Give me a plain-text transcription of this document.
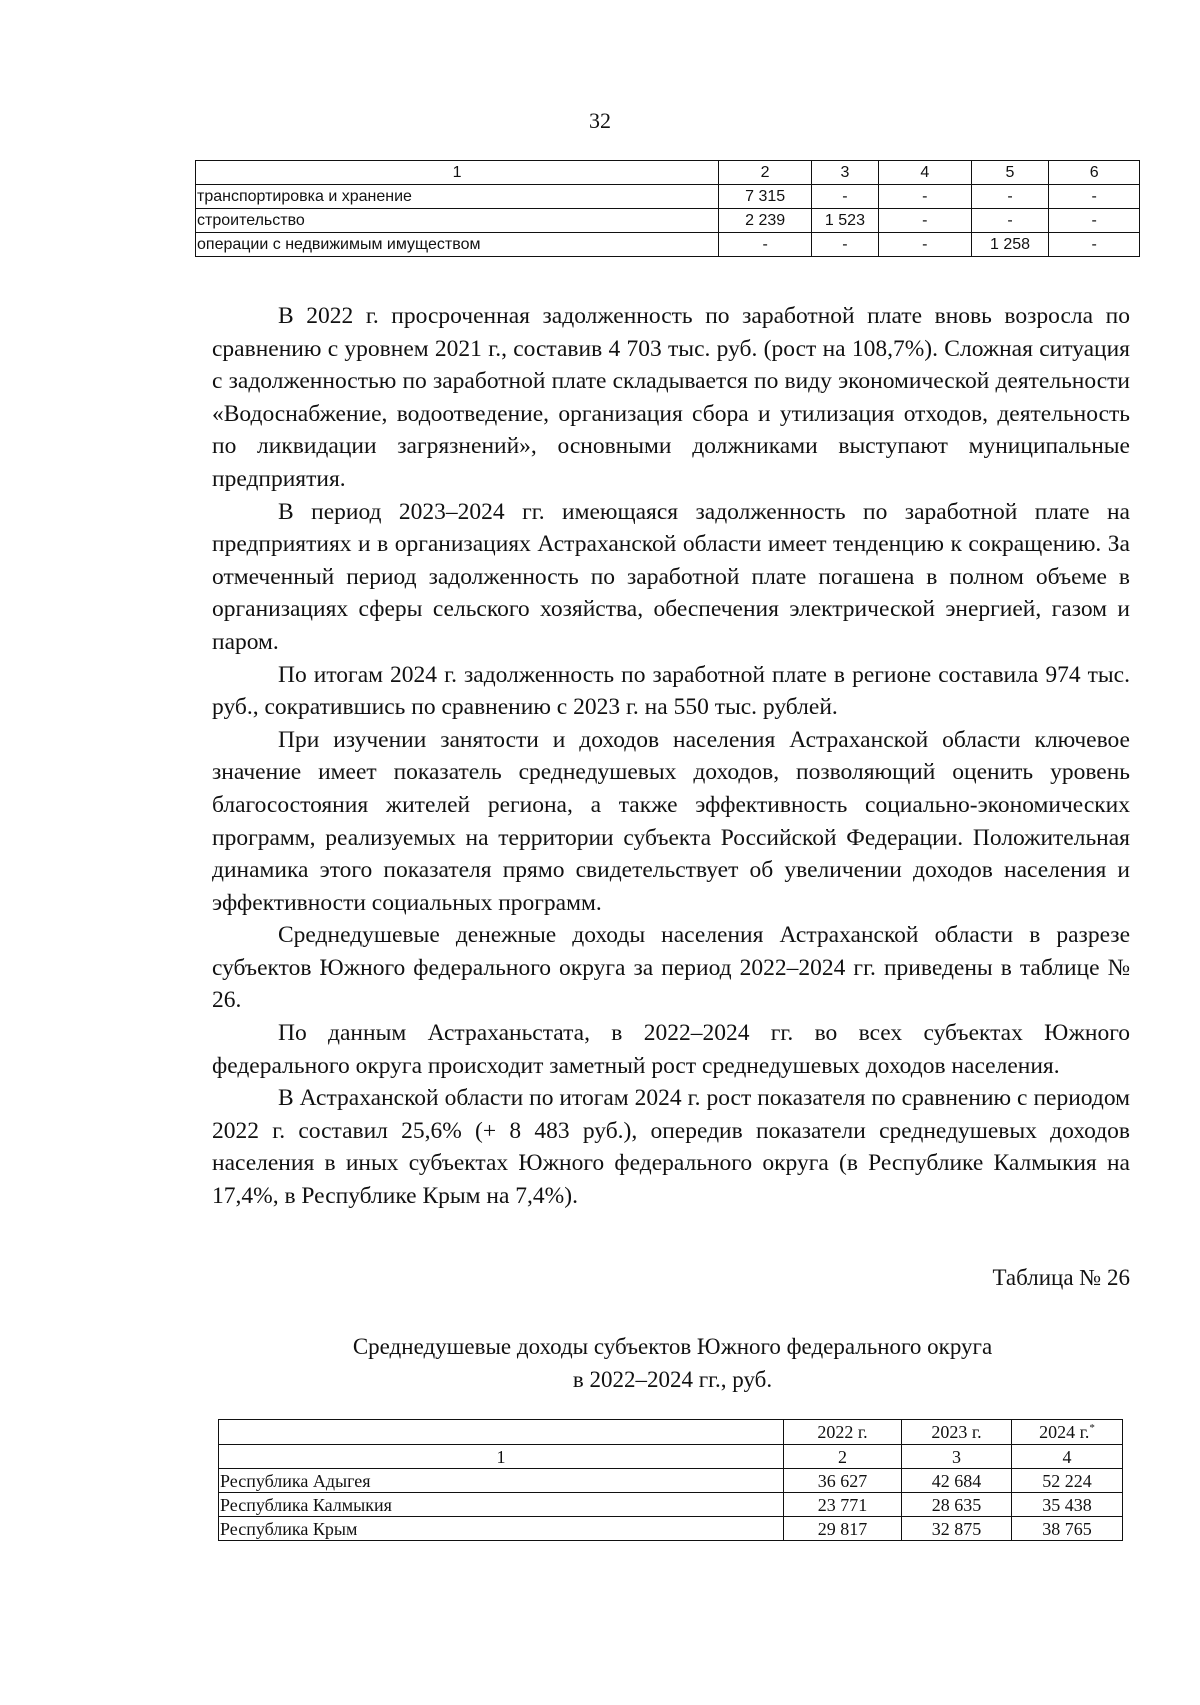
32
1	2	3	4	5	6
транспортировка и хранение	7 315	-	-	-	-
строительство	2 239	1 523	-	-	-
операции с недвижимым имуществом	-	-	-	1 258	-

В 2022 г. просроченная задолженность по заработной плате вновь возросла по сравнению с уровнем 2021 г., составив 4 703 тыс. руб. (рост на 108,7%). Сложная ситуация с задолженностью по заработной плате складывается по виду экономической деятельности «Водоснабжение, водоотведение, организация сбора и утилизация отходов, деятельность по ликвидации загрязнений», основными должниками выступают муниципальные предприятия.

В период 2023–2024 гг. имеющаяся задолженность по заработной плате на предприятиях и в организациях Астраханской области имеет тенденцию к сокращению. За отмеченный период задолженность по заработной плате погашена в полном объеме в организациях сферы сельского хозяйства, обеспечения электрической энергией, газом и паром.

По итогам 2024 г. задолженность по заработной плате в регионе составила 974 тыс. руб., сократившись по сравнению с 2023 г. на 550 тыс. рублей.

При изучении занятости и доходов населения Астраханской области ключевое значение имеет показатель среднедушевых доходов, позволяющий оценить уровень благосостояния жителей региона, а также эффективность социально-экономических программ, реализуемых на территории субъекта Российской Федерации. Положительная динамика этого показателя прямо свидетельствует об увеличении доходов населения и эффективности социальных программ.

Среднедушевые денежные доходы населения Астраханской области в разрезе субъектов Южного федерального округа за период 2022–2024 гг. приведены в таблице № 26.

По данным Астраханьстата, в 2022–2024 гг. во всех субъектах Южного федерального округа происходит заметный рост среднедушевых доходов населения.

В Астраханской области по итогам 2024 г. рост показателя по сравнению с периодом 2022 г. составил 25,6% (+ 8 483 руб.), опередив показатели среднедушевых доходов населения в иных субъектах Южного федерального округа (в Республике Калмыкия на 17,4%, в Республике Крым на 7,4%).

Таблица № 26
Среднедушевые доходы субъектов Южного федерального округа
в 2022–2024 гг., руб.
	2022 г.	2023 г.	2024 г.*
1	2	3	4
Республика Адыгея	36 627	42 684	52 224
Республика Калмыкия	23 771	28 635	35 438
Республика Крым	29 817	32 875	38 765
